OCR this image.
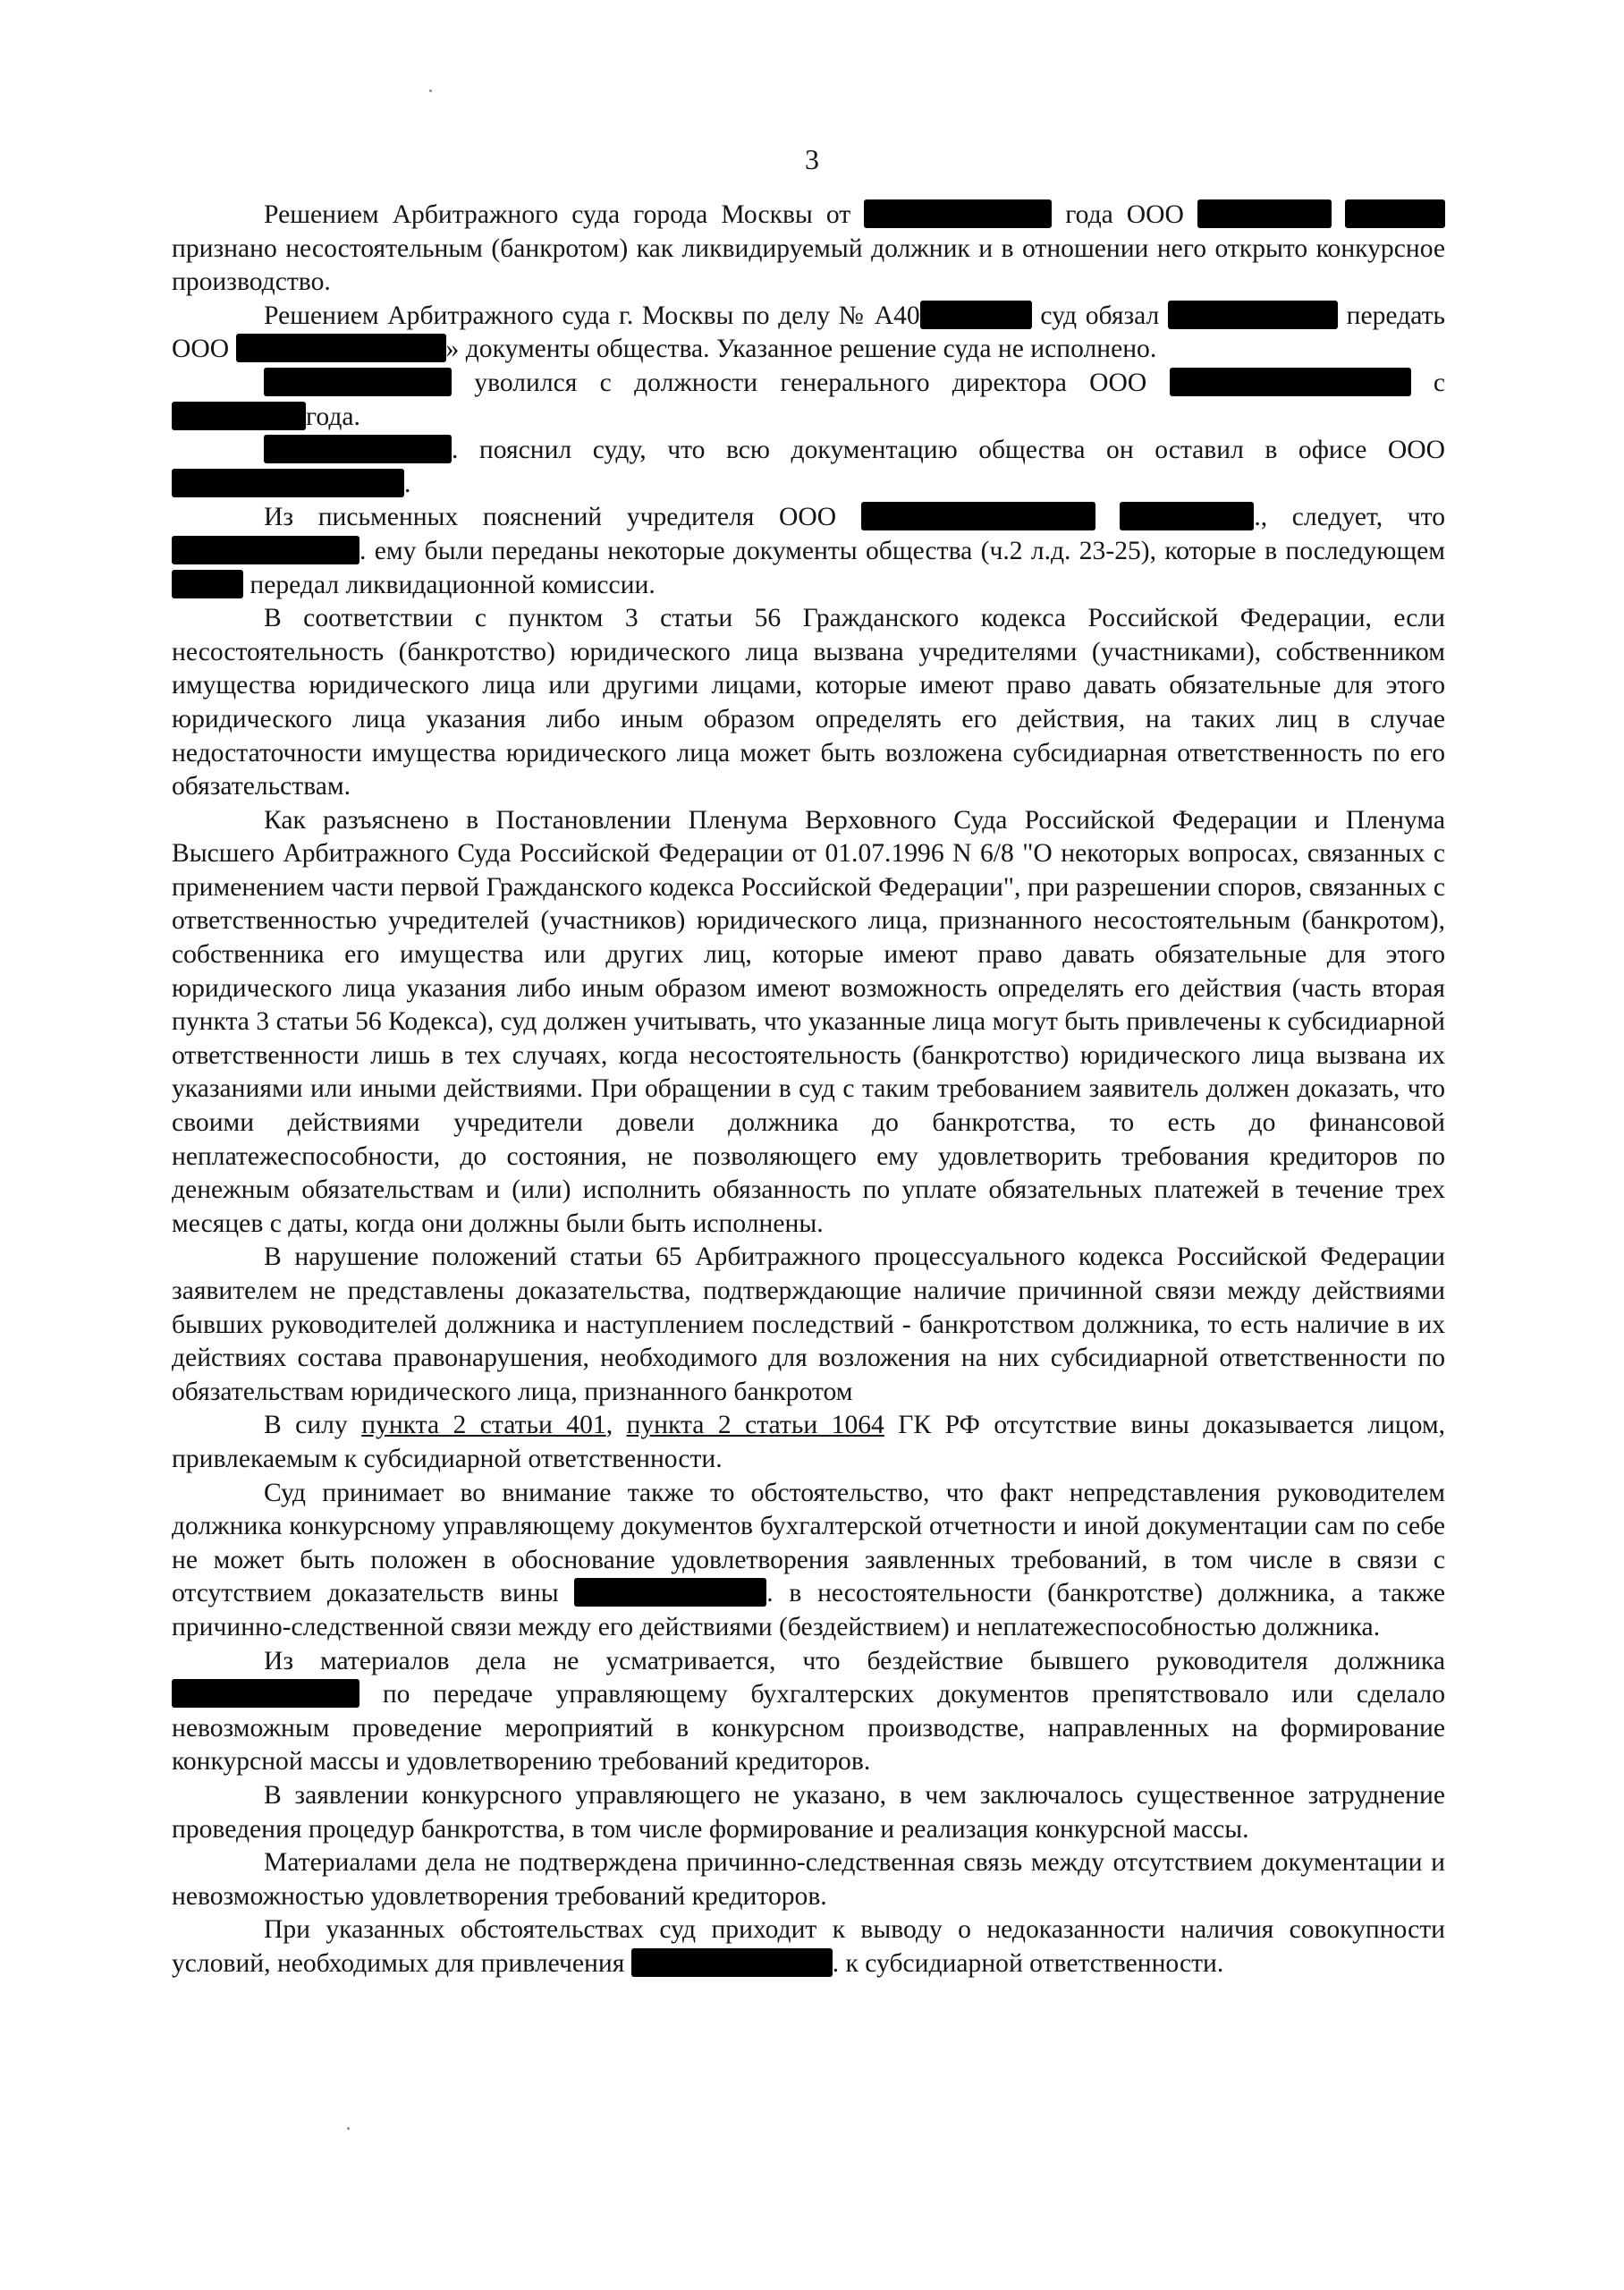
3

Решением Арбитражного суда города Москвы от	года ООО  признано несостоятельным (банкротом) как ликвидируемый должник и в отношении него открыто конкурсное производство.

Решением Арбитражного суда г. Москвы по делу № А40	суд обязал	передать ООО	» документы общества. Указанное решение суда не исполнено.

уволился с должности генерального директора ООО	с года.

. пояснил суду, что всю документацию общества он оставил в офисе ООО .

Из письменных пояснений учредителя ООО	., следует, что . ему были переданы некоторые документы общества (ч.2 л.д. 23-25), которые в последующем  передал ликвидационной комиссии.

В соответствии с пунктом 3 статьи 56 Гражданского кодекса Российской Федерации, если несостоятельность (банкротство) юридического лица вызвана учредителями (участниками), собственником имущества юридического лица или другими лицами, которые имеют право давать обязательные для этого юридического лица указания либо иным образом определять его действия, на таких лиц в случае недостаточности имущества юридического лица может быть возложена субсидиарная ответственность по его обязательствам.

Как разъяснено в Постановлении Пленума Верховного Суда Российской Федерации и Пленума Высшего Арбитражного Суда Российской Федерации от 01.07.1996 N 6/8 "О некоторых вопросах, связанных с применением части первой Гражданского кодекса Российской Федерации", при разрешении споров, связанных с ответственностью учредителей (участников) юридического лица, признанного несостоятельным (банкротом), собственника его имущества или других лиц, которые имеют право давать обязательные для этого юридического лица указания либо иным образом имеют возможность определять его действия (часть вторая пункта 3 статьи 56 Кодекса), суд должен учитывать, что указанные лица могут быть привлечены к субсидиарной ответственности лишь в тех случаях, когда несостоятельность (банкротство) юридического лица вызвана их указаниями или иными действиями. При обращении в суд с таким требованием заявитель должен доказать, что своими действиями учредители довели должника до банкротства, то есть до финансовой неплатежеспособности, до состояния, не позволяющего ему удовлетворить требования кредиторов по денежным обязательствам и (или) исполнить обязанность по уплате обязательных платежей в течение трех месяцев с даты, когда они должны были быть исполнены.

В нарушение положений статьи 65 Арбитражного процессуального кодекса Российской Федерации заявителем не представлены доказательства, подтверждающие наличие причинной связи между действиями бывших руководителей должника и наступлением последствий - банкротством должника, то есть наличие в их действиях состава правонарушения, необходимого для возложения на них субсидиарной ответственности по обязательствам юридического лица, признанного банкротом

В силу пункта 2 статьи 401, пункта 2 статьи 1064 ГК РФ отсутствие вины доказывается лицом, привлекаемым к субсидиарной ответственности.

Суд принимает во внимание также то обстоятельство, что факт непредставления руководителем должника конкурсному управляющему документов бухгалтерской отчетности и иной документации сам по себе не может быть положен в обоснование удовлетворения заявленных требований, в том числе в связи с отсутствием доказательств вины	. в несостоятельности (банкротстве) должника, а также причинно-следственной связи между его действиями (бездействием) и неплатежеспособностью должника.

Из материалов дела не усматривается, что бездействие бывшего руководителя должника  по передаче управляющему бухгалтерских документов препятствовало или сделало невозможным проведение мероприятий в конкурсном производстве, направленных на формирование конкурсной массы и удовлетворению требований кредиторов.

В заявлении конкурсного управляющего не указано, в чем заключалось существенное затруднение проведения процедур банкротства, в том числе формирование и реализация конкурсной массы.

Материалами дела не подтверждена причинно-следственная связь между отсутствием документации и невозможностью удовлетворения требований кредиторов.

При указанных обстоятельствах суд приходит к выводу о недоказанности наличия совокупности условий, необходимых для привлечения	. к субсидиарной ответственности.
